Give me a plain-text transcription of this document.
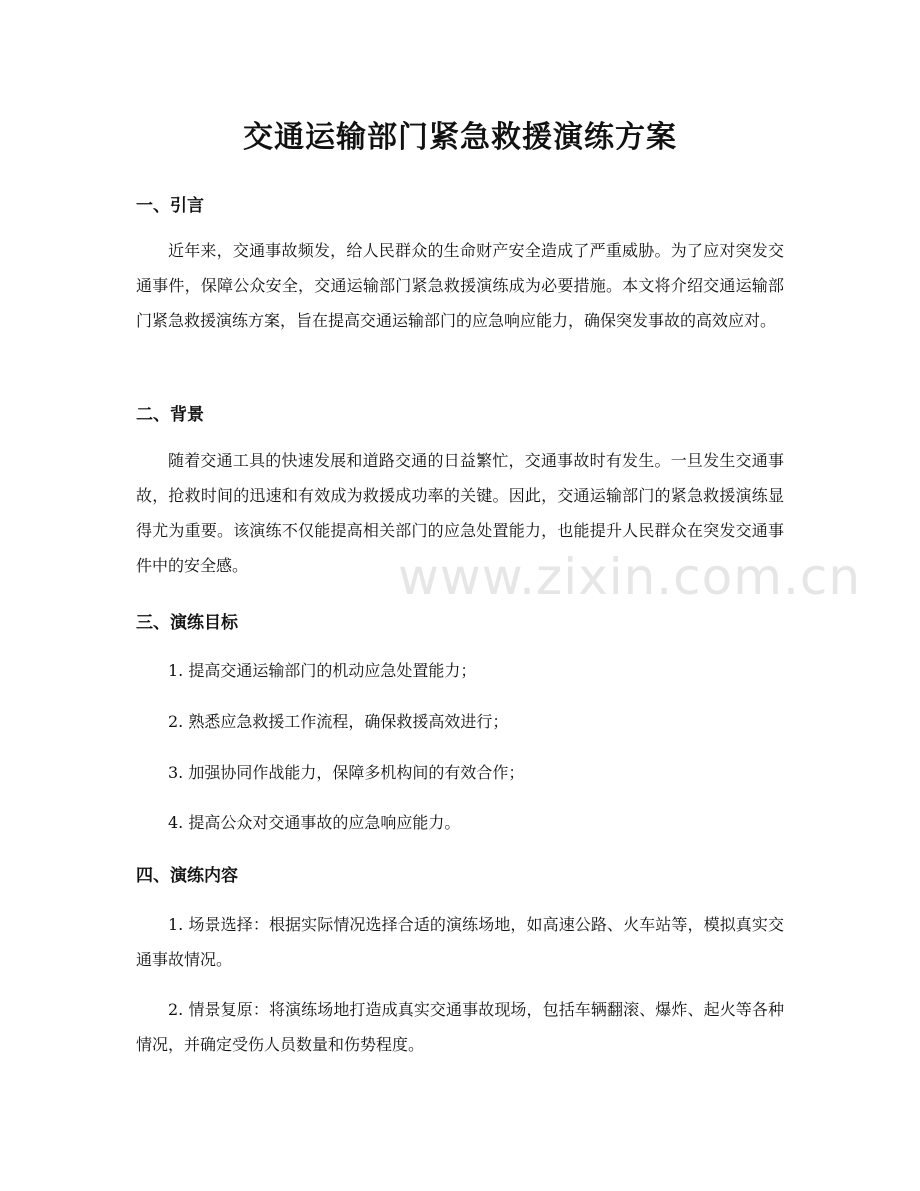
www.zixin.com.cn
交通运输部门紧急救援演练方案
一、引言

近年来，交通事故频发，给人民群众的生命财产安全造成了严重威胁。为了应对突发交通事件，保障公众安全，交通运输部门紧急救援演练成为必要措施。本文将介绍交通运输部门紧急救援演练方案，旨在提高交通运输部门的应急响应能力，确保突发事故的高效应对。

二、背景

随着交通工具的快速发展和道路交通的日益繁忙，交通事故时有发生。一旦发生交通事故，抢救时间的迅速和有效成为救援成功率的关键。因此，交通运输部门的紧急救援演练显得尤为重要。该演练不仅能提高相关部门的应急处置能力，也能提升人民群众在突发交通事件中的安全感。

三、演练目标

1. 提高交通运输部门的机动应急处置能力；

2. 熟悉应急救援工作流程，确保救援高效进行；

3. 加强协同作战能力，保障多机构间的有效合作；

4. 提高公众对交通事故的应急响应能力。

四、演练内容

1. 场景选择：根据实际情况选择合适的演练场地，如高速公路、火车站等，模拟真实交通事故情况。

2. 情景复原：将演练场地打造成真实交通事故现场，包括车辆翻滚、爆炸、起火等各种情况，并确定受伤人员数量和伤势程度。
